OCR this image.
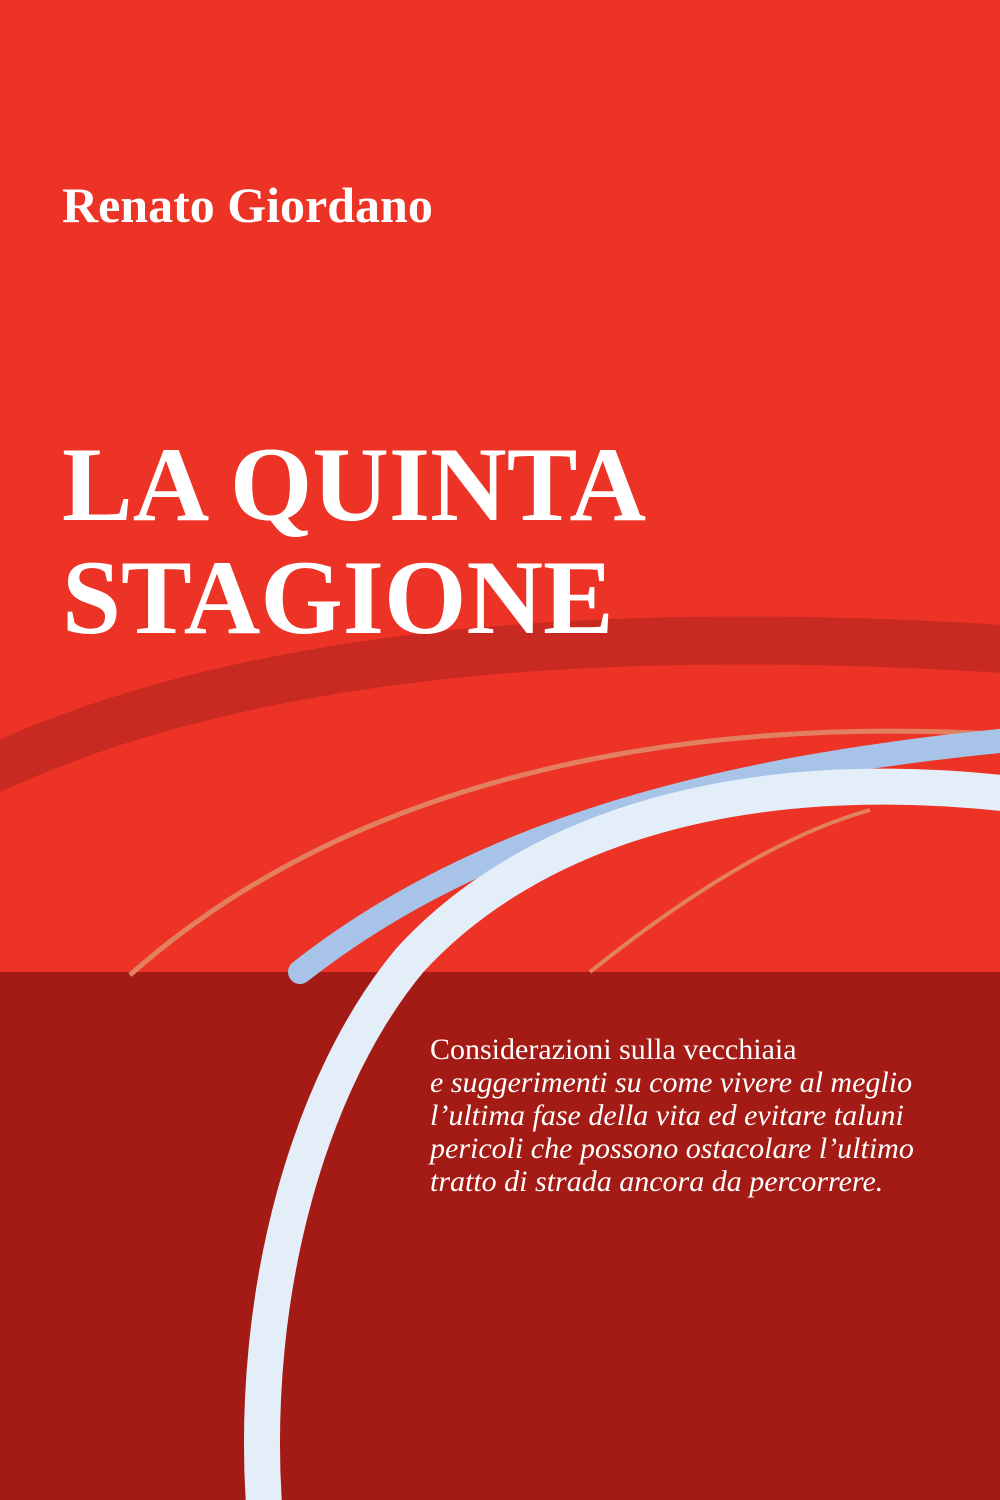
Renato Giordano
LA QUINTA
STAGIONE

Considerazioni sulla vecchiaia
e suggerimenti su come vivere al meglio l’ultima fase della vita ed evitare taluni pericoli che possono ostacolare l’ultimo tratto di strada ancora da percorrere.
